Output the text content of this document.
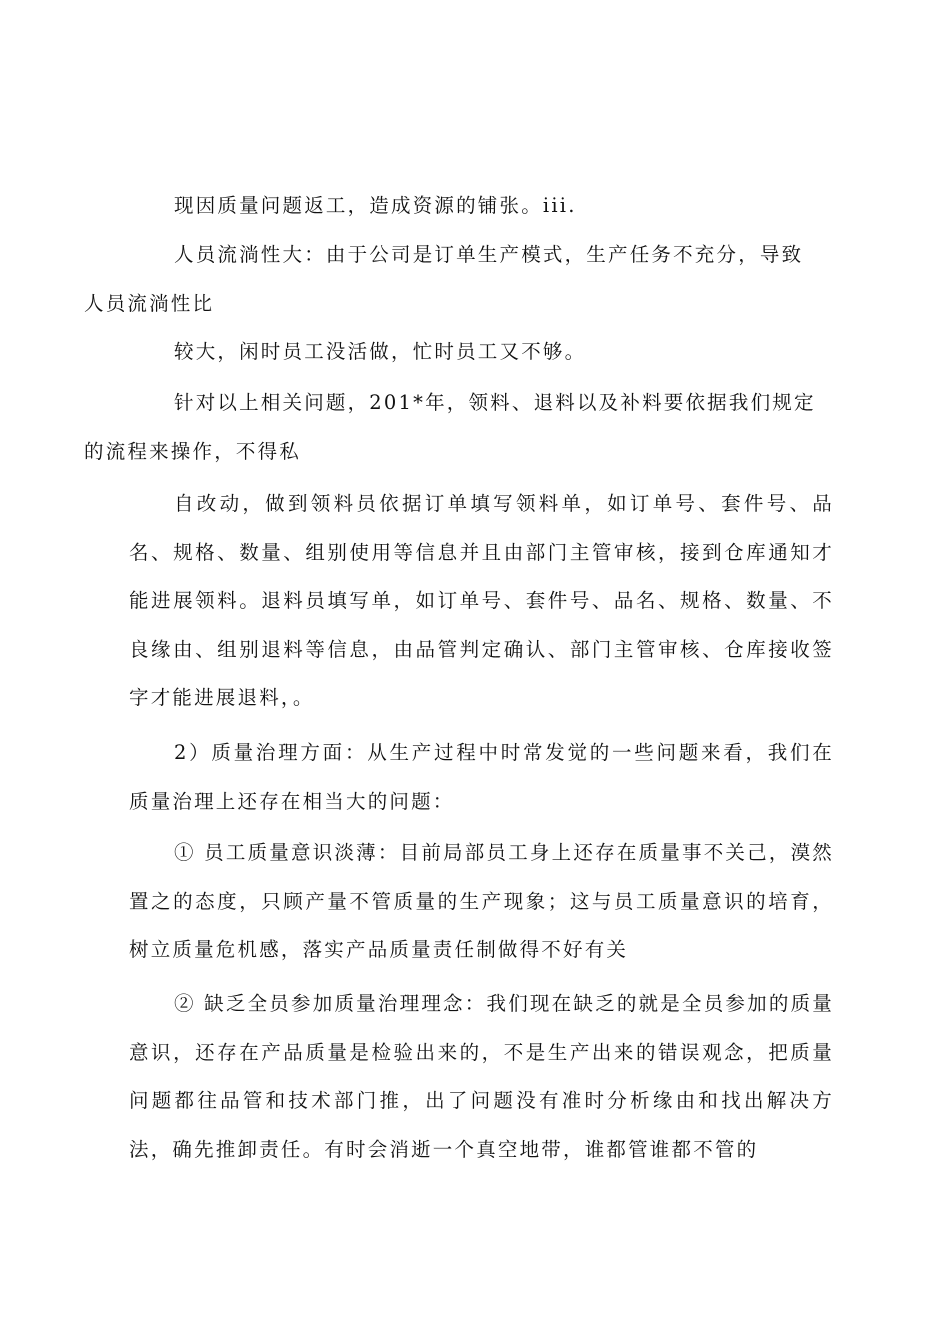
现因质量问题返工，造成资源的铺张。iii.

人员流淌性大：由于公司是订单生产模式，生产任务不充分，导致
人员流淌性比

较大，闲时员工没活做，忙时员工又不够。

针对以上相关问题，201*年，领料、退料以及补料要依据我们规定
的流程来操作，不得私

自改动，做到领料员依据订单填写领料单，如订单号、套件号、品名、规格、数量、组别使用等信息并且由部门主管审核，接到仓库通知才能进展领料。退料员填写单，如订单号、套件号、品名、规格、数量、不良缘由、组别退料等信息，由品管判定确认、部门主管审核、仓库接收签字才能进展退料，。

2）质量治理方面：从生产过程中时常发觉的一些问题来看，我们在质量治理上还存在相当大的问题：

① 员工质量意识淡薄：目前局部员工身上还存在质量事不关己，漠然置之的态度，只顾产量不管质量的生产现象；这与员工质量意识的培育，树立质量危机感，落实产品质量责任制做得不好有关

② 缺乏全员参加质量治理理念：我们现在缺乏的就是全员参加的质量意识，还存在产品质量是检验出来的，不是生产出来的错误观念，把质量问题都往品管和技术部门推，出了问题没有准时分析缘由和找出解决方法，确先推卸责任。有时会消逝一个真空地带，谁都管谁都不管的
